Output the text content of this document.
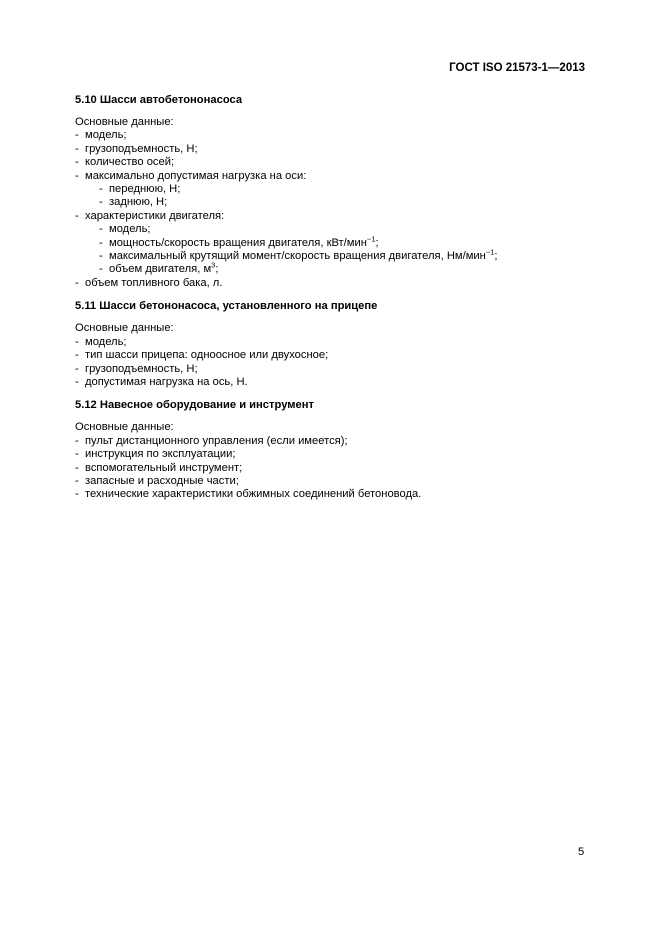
ГОСТ ISO 21573-1—2013
5.10 Шасси автобетононасоса
Основные данные:
- модель;
- грузоподъемность, Н;
- количество осей;
- максимально допустимая нагрузка на оси:
- переднюю, Н;
- заднюю, Н;
- характеристики двигателя:
- модель;
- мощность/скорость вращения двигателя, кВт/мин$^{-1}$;
- максимальный крутящий момент/скорость вращения двигателя, Нм/мин$^{-1}$;
- объем двигателя, $м^3$;
- объем топливного бака, л.
5.11 Шасси бетононасоса, установленного на прицепе
Основные данные:
- модель;
- тип шасси прицепа: одноосное или двухосное;
- грузоподъемность, Н;
- допустимая нагрузка на ось, Н.
5.12 Навесное оборудование и инструмент
Основные данные:
- пульт дистанционного управления (если имеется);
- инструкция по эксплуатации;
- вспомогательный инструмент;
- запасные и расходные части;
- технические характеристики обжимных соединений бетоновода.
5
